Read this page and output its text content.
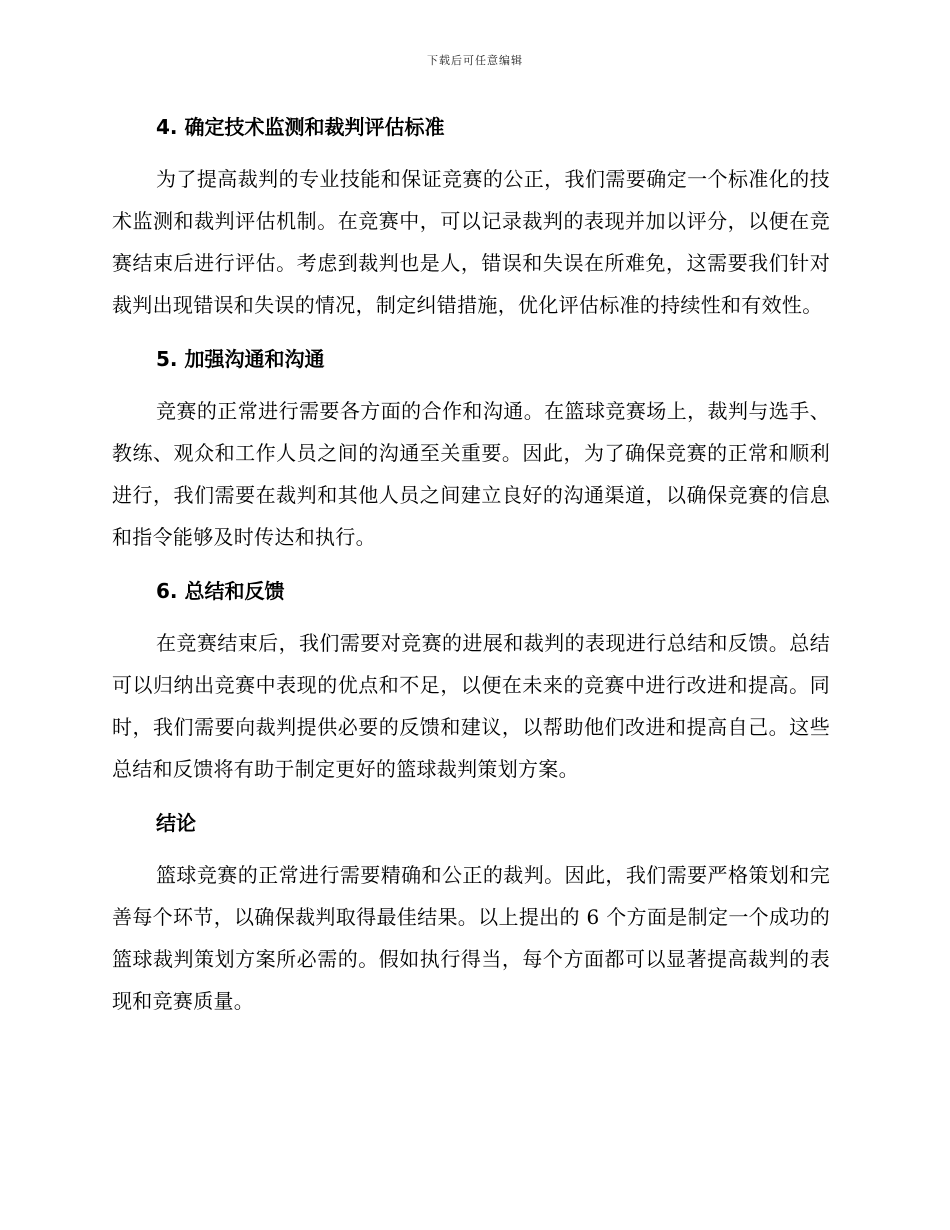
下载后可任意编辑
4. 确定技术监测和裁判评估标准

为了提高裁判的专业技能和保证竞赛的公正，我们需要确定一个标准化的技术监测和裁判评估机制。在竞赛中，可以记录裁判的表现并加以评分，以便在竞赛结束后进行评估。考虑到裁判也是人，错误和失误在所难免，这需要我们针对裁判出现错误和失误的情况，制定纠错措施，优化评估标准的持续性和有效性。

5. 加强沟通和沟通

竞赛的正常进行需要各方面的合作和沟通。在篮球竞赛场上，裁判与选手、教练、观众和工作人员之间的沟通至关重要。因此，为了确保竞赛的正常和顺利进行，我们需要在裁判和其他人员之间建立良好的沟通渠道，以确保竞赛的信息和指令能够及时传达和执行。

6. 总结和反馈

在竞赛结束后，我们需要对竞赛的进展和裁判的表现进行总结和反馈。总结可以归纳出竞赛中表现的优点和不足，以便在未来的竞赛中进行改进和提高。同时，我们需要向裁判提供必要的反馈和建议，以帮助他们改进和提高自己。这些总结和反馈将有助于制定更好的篮球裁判策划方案。

结论

篮球竞赛的正常进行需要精确和公正的裁判。因此，我们需要严格策划和完善每个环节，以确保裁判取得最佳结果。以上提出的 6 个方面是制定一个成功的篮球裁判策划方案所必需的。假如执行得当，每个方面都可以显著提高裁判的表现和竞赛质量。
